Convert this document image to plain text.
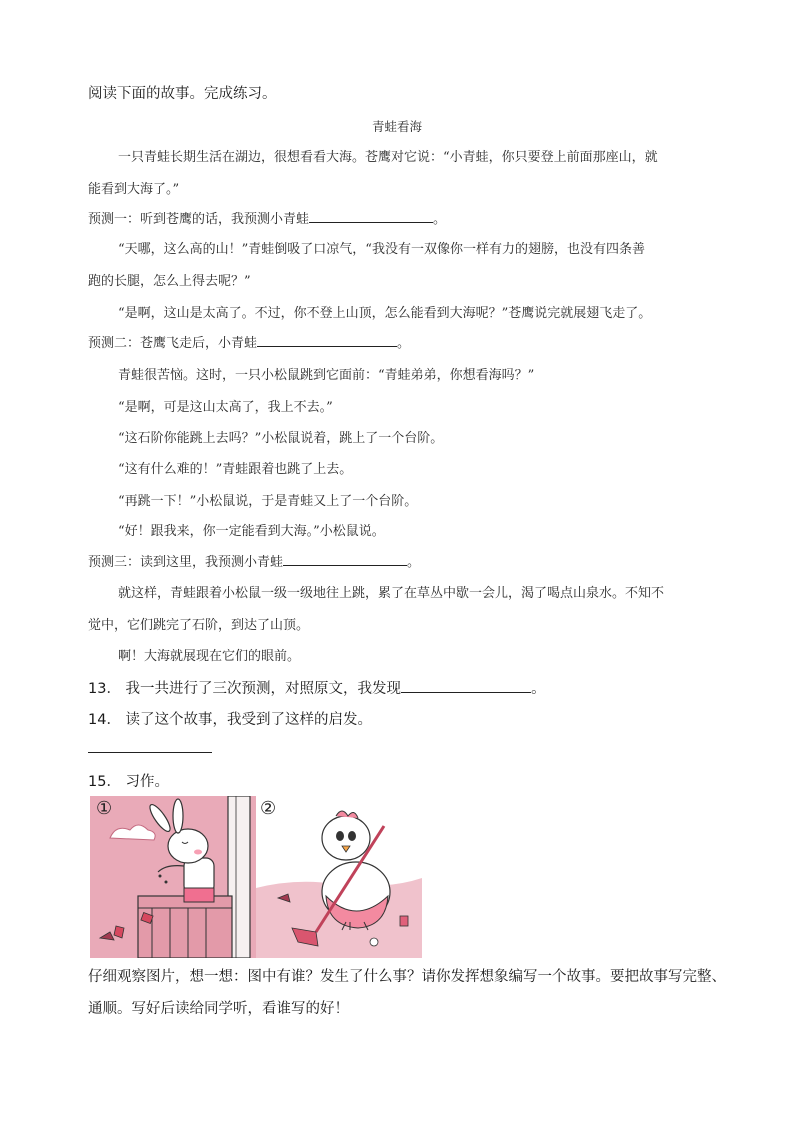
阅读下面的故事。完成练习。
青蛙看海
一只青蛙长期生活在湖边，很想看看大海。苍鹰对它说：“小青蛙，你只要登上前面那座山，就
能看到大海了。”
预测一：听到苍鹰的话，我预测小青蛙	。
“天哪，这么高的山！”青蛙倒吸了口凉气，“我没有一双像你一样有力的翅膀，也没有四条善
跑的长腿，怎么上得去呢？”
“是啊，这山是太高了。不过，你不登上山顶，怎么能看到大海呢？”苍鹰说完就展翅飞走了。
预测二：苍鹰飞走后，小青蛙	。
青蛙很苦恼。这时，一只小松鼠跳到它面前：“青蛙弟弟，你想看海吗？”
“是啊，可是这山太高了，我上不去。”
“这石阶你能跳上去吗？”小松鼠说着，跳上了一个台阶。
“这有什么难的！”青蛙跟着也跳了上去。
“再跳一下！”小松鼠说，于是青蛙又上了一个台阶。
“好！跟我来，你一定能看到大海。”小松鼠说。
预测三：读到这里，我预测小青蛙	。
就这样，青蛙跟着小松鼠一级一级地往上跳，累了在草丛中歇一会儿，渴了喝点山泉水。不知不
觉中，它们跳完了石阶，到达了山顶。
啊！大海就展现在它们的眼前。
13． 我一共进行了三次预测，对照原文，我发现	。
14． 读了这个故事，我受到了这样的启发。
15． 习作。
①	②
仔细观察图片，想一想：图中有谁？发生了什么事？请你发挥想象编写一个故事。要把故事写完整、
通顺。写好后读给同学听，看谁写的好！
